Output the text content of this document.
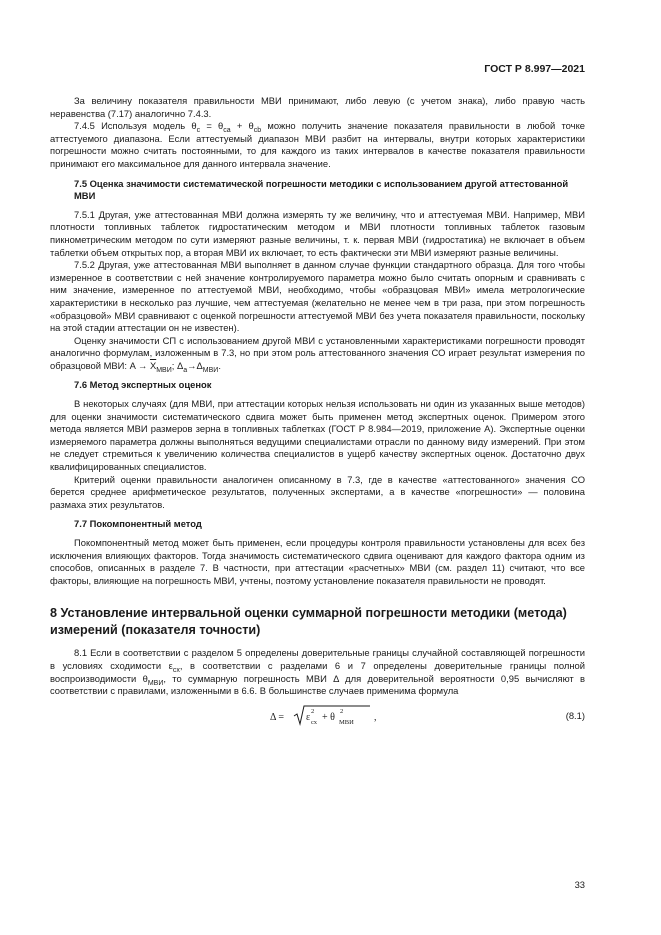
ГОСТ Р 8.997—2021

За величину показателя правильности МВИ принимают, либо левую (с учетом знака), либо правую часть неравенства (7.17) аналогично 7.4.3.

7.4.5 Используя модель $\theta_c = \theta_{ca} + \theta_{cb}$ можно получить значение показателя правильности в любой точке аттестуемого диапазона. Если аттестуемый диапазон МВИ разбит на интервалы, внутри которых характеристики погрешности можно считать постоянными, то для каждого из таких интервалов в качестве показателя правильности принимают его максимальное для данного интервала значение.

7.5 Оценка значимости систематической погрешности методики с использованием другой аттестованной МВИ

7.5.1 Другая, уже аттестованная МВИ должна измерять ту же величину, что и аттестуемая МВИ. Например, МВИ плотности топливных таблеток гидростатическим методом и МВИ плотности топливных таблеток газовым пикнометрическим методом по сути измеряют разные величины, т. к. первая МВИ (гидростатика) не включает в объем таблетки объем открытых пор, а вторая МВИ их включает, то есть фактически эти МВИ измеряют разные величины.

7.5.2 Другая, уже аттестованная МВИ выполняет в данном случае функции стандартного образца. Для того чтобы измеренное в соответствии с ней значение контролируемого параметра можно было считать опорным и сравнивать с ним значение, измеренное по аттестуемой МВИ, необходимо, чтобы «образцовая МВИ» имела метрологические характеристики в несколько раз лучшие, чем аттестуемая (желательно не менее чем в три раза, при этом погрешность «образцовой» МВИ сравнивают с оценкой погрешности аттестуемой МВИ без учета показателя правильности, поскольку на этой стадии аттестации он не известен).

Оценку значимости СП с использованием другой МВИ с установленными характеристиками погрешности проводят аналогично формулам, изложенным в 7.3, но при этом роль аттестованного значения СО играет результат измерения по образцовой МВИ: $A \to \overline{X}_{МВИ}$; $\Delta_a\to\Delta_{МВИ}$.

7.6 Метод экспертных оценок

В некоторых случаях (для МВИ, при аттестации которых нельзя использовать ни один из указанных выше методов) для оценки значимости систематического сдвига может быть применен метод экспертных оценок. Примером этого метода является МВИ размеров зерна в топливных таблетках (ГОСТ Р 8.984—2019, приложение А). Экспертные оценки измеряемого параметра должны выполняться ведущими специалистами отрасли по данному виду измерений. При этом не следует стремиться к увеличению количества специалистов в ущерб качеству экспертных оценок. Достаточно двух квалифицированных специалистов.

Критерий оценки правильности аналогичен описанному в 7.3, где в качестве «аттестованного» значения СО берется среднее арифметическое результатов, полученных экспертами, а в качестве «погрешности» — половина размаха этих результатов.

7.7 Покомпонентный метод

Покомпонентный метод может быть применен, если процедуры контроля правильности установлены для всех без исключения влияющих факторов. Тогда значимость систематического сдвига оценивают для каждого фактора одним из способов, описанных в разделе 7. В частности, при аттестации «расчетных» МВИ (см. раздел 11) считают, что все факторы, влияющие на погрешность МВИ, учтены, поэтому установление показателя правильности не проводят.

8 Установление интервальной оценки суммарной погрешности методики (метода) измерений (показателя точности)

8.1 Если в соответствии с разделом 5 определены доверительные границы случайной составляющей погрешности в условиях сходимости $\varepsilon_{сх}$, в соответствии с разделами 6 и 7 определены доверительные границы полной воспроизводимости $\theta_{МВИ}$, то суммарную погрешность МВИ Δ для доверительной вероятности 0,95 вычисляют в соответствии с правилами, изложенными в 6.6. В большинстве случаев применима формула

Δ = ε
2
сх + θ
2
МВИ ,	(8.1)
33
